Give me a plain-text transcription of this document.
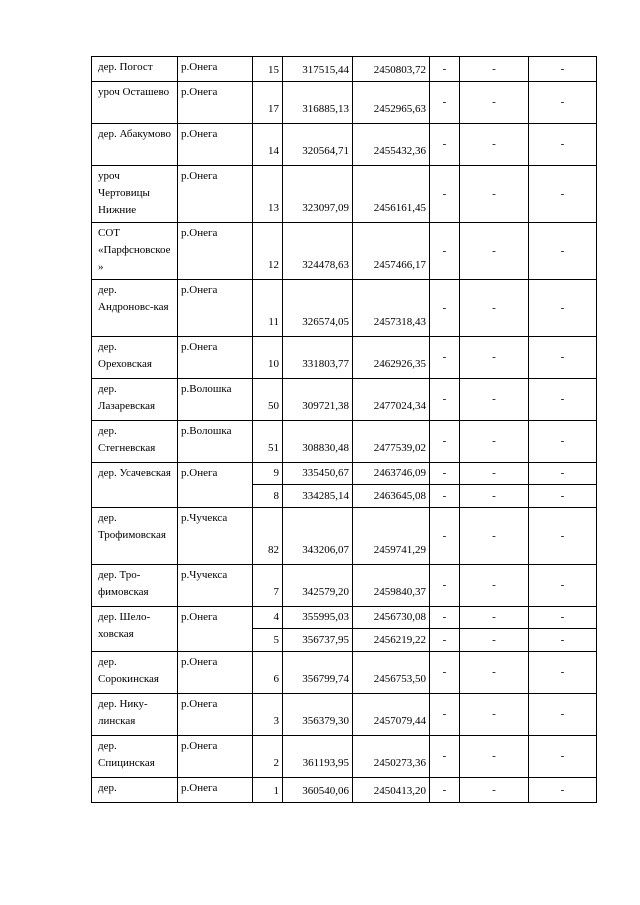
дер. Погост	р.Онега	15	317515,44	2450803,72	-	-	-
уроч Осташево	р.Онега	17	316885,13	2452965,63	-	-	-
дер. Абакумово	р.Онега	14	320564,71	2455432,36	-	-	-
уроч Чертовицы Нижние	р.Онега	13	323097,09	2456161,45	-	-	-
СОТ «Парфсновское»	р.Онега	12	324478,63	2457466,17	-	-	-
дер. Андроновс-кая	р.Онега	11	326574,05	2457318,43	-	-	-
дер. Ореховская	р.Онега	10	331803,77	2462926,35	-	-	-
дер. Лазаревская	р.Волошка	50	309721,38	2477024,34	-	-	-
дер. Стегневская	р.Волошка	51	308830,48	2477539,02	-	-	-
дер. Усачевская	р.Онега	9	335450,67	2463746,09	-	-	-
		8	334285,14	2463645,08	-	-	-
дер. Трофимовская	р.Чучекса	82	343206,07	2459741,29	-	-	-
дер. Тро-фимовская	р.Чучекса	7	342579,20	2459840,37	-	-	-
дер. Шело-ховская	р.Онега	4	355995,03	2456730,08	-	-	-
		5	356737,95	2456219,22	-	-	-
дер. Сорокинская	р.Онега	6	356799,74	2456753,50	-	-	-
дер. Нику-линская	р.Онега	3	356379,30	2457079,44	-	-	-
дер. Спицинская	р.Онега	2	361193,95	2450273,36	-	-	-
дер.	р.Онега	1	360540,06	2450413,20	-	-	-
